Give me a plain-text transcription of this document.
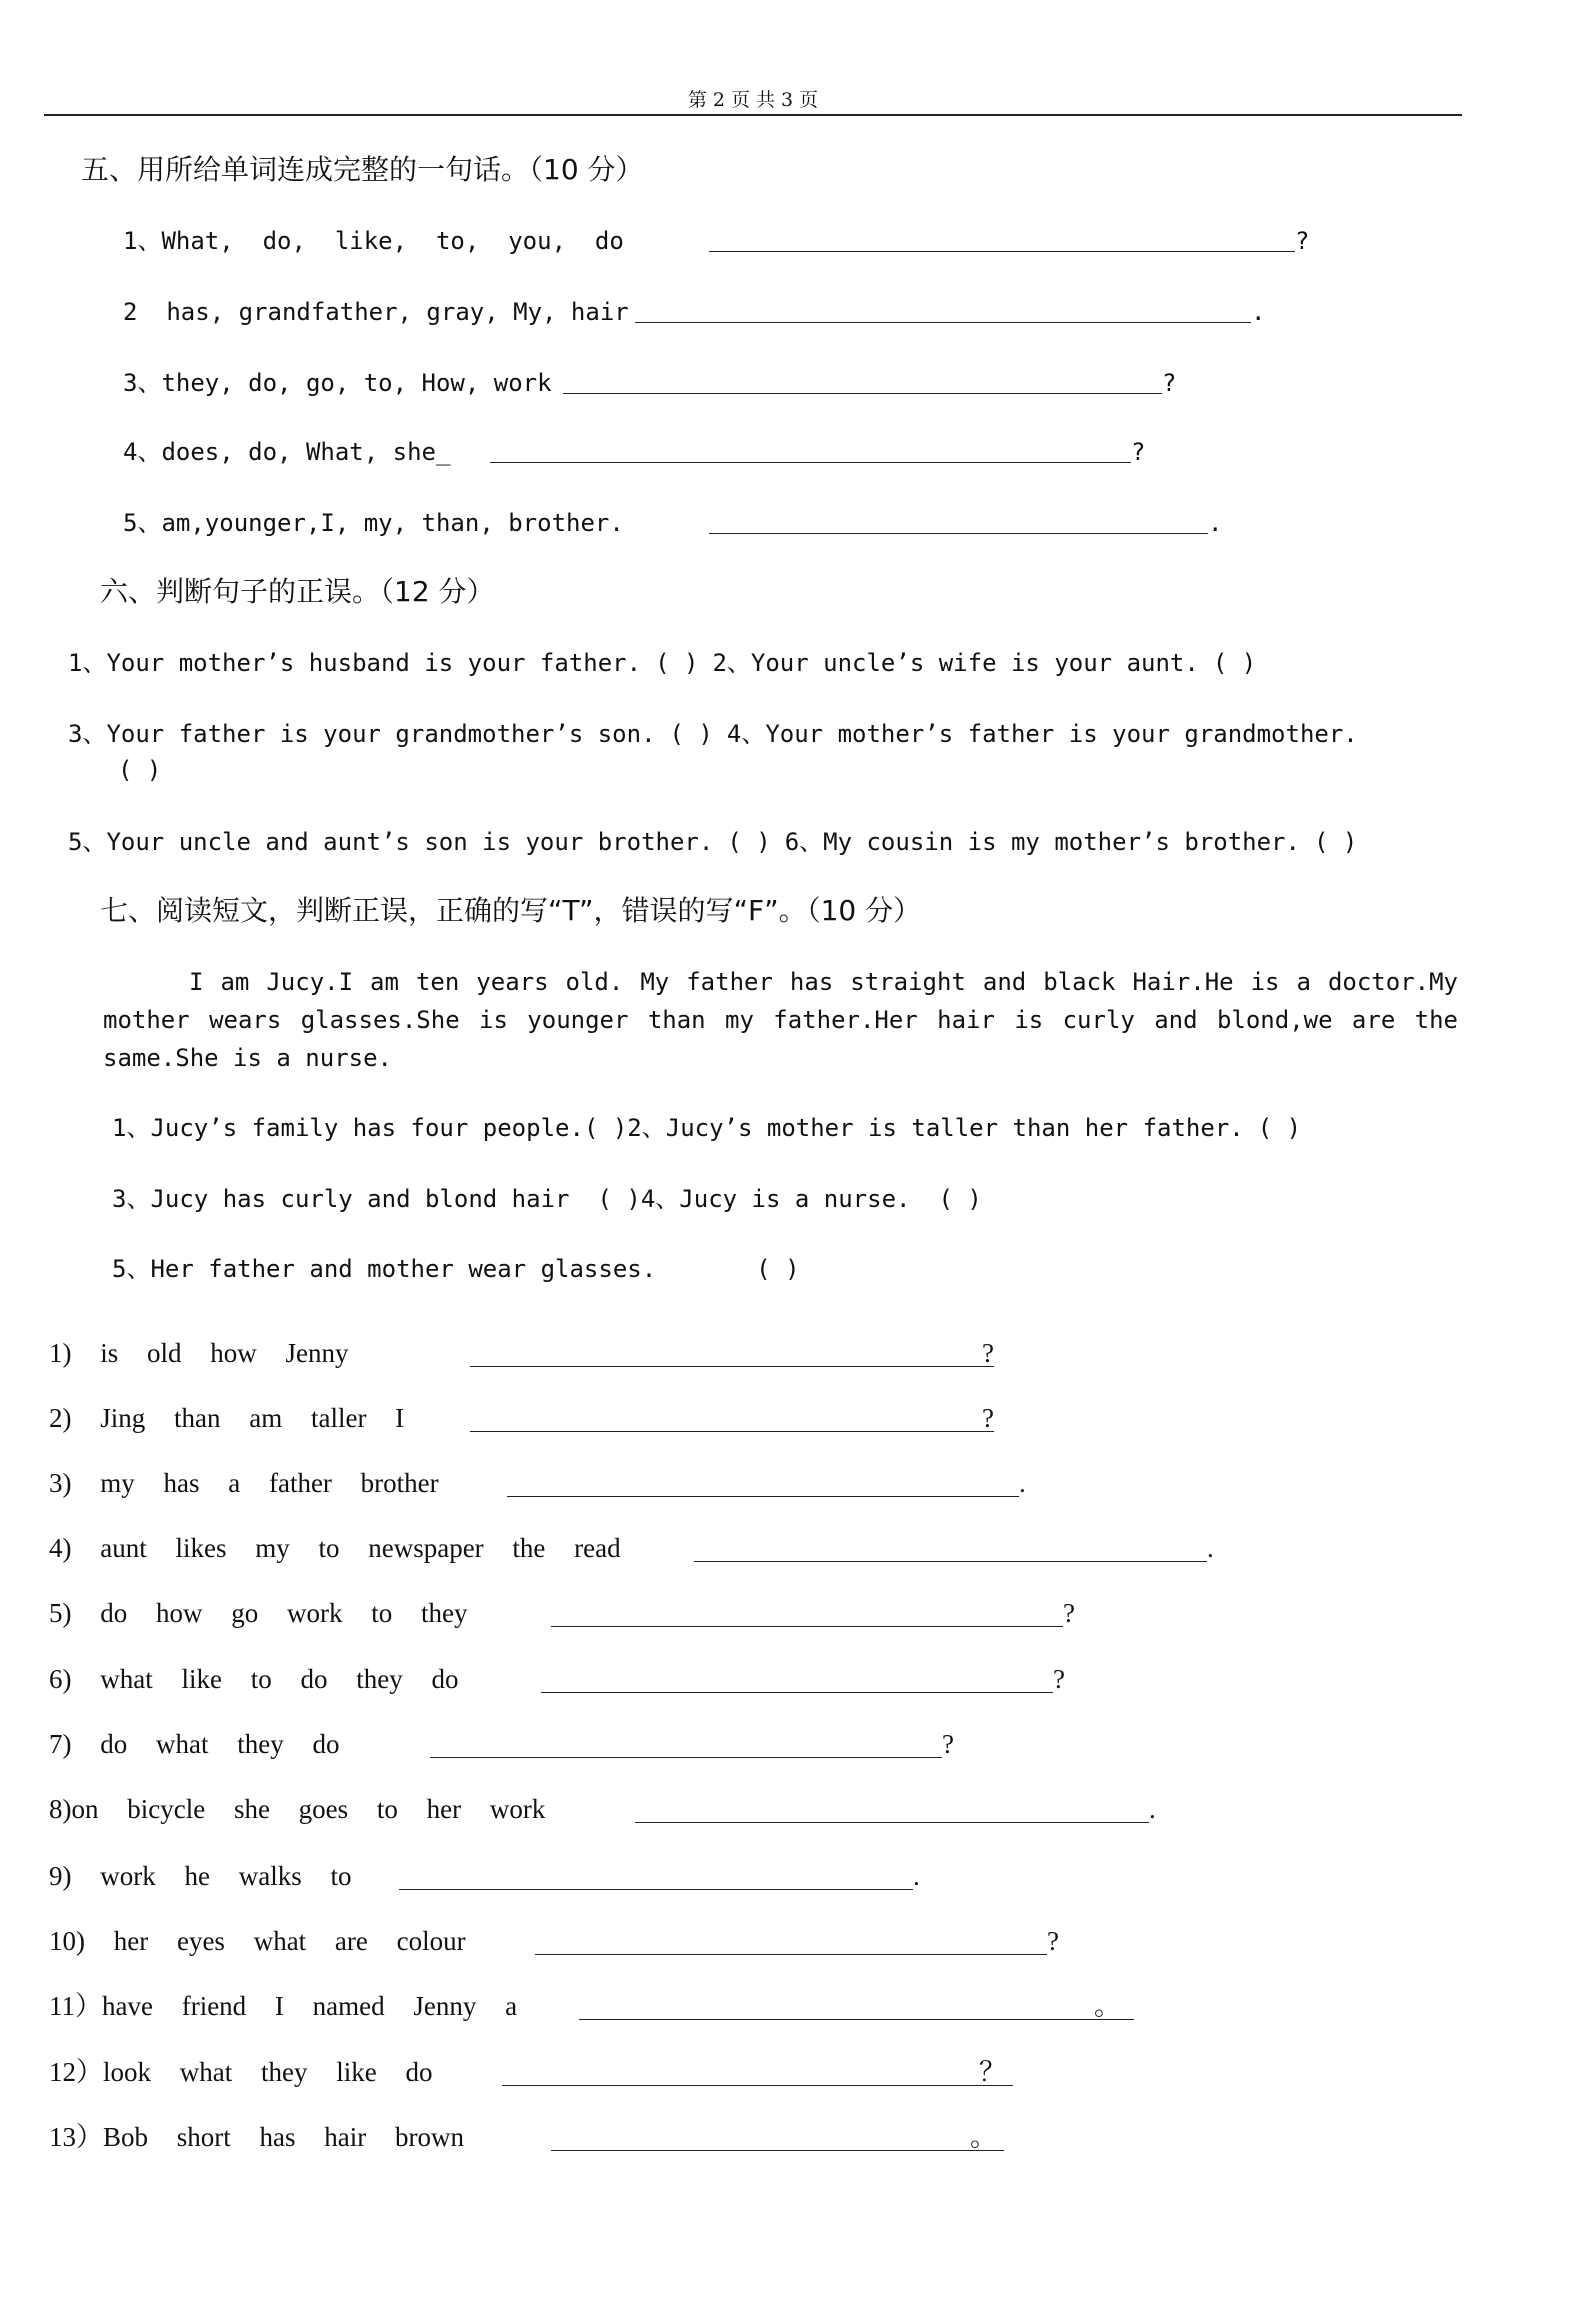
第 2 页 共 3 页
五、用所给单词连成完整的一句话。（10 分）
1、What,  do,  like,  to,  you,  do	?
2  has, grandfather, gray, My, hair	.
3、they, do, go, to, How, work	?
4、does, do, What, she_	?
5、am,younger,I, my, than, brother.	.
六、判断句子的正误。（12 分）
1、Your mother’s husband is your father. ( ) 2、Your uncle’s wife is your aunt. ( )
3、Your father is your grandmother’s son. ( ) 4、Your mother’s father is your grandmother.
( )
5、Your uncle and aunt’s son is your brother. ( ) 6、My cousin is my mother’s brother. ( )
七、阅读短文，判断正误，正确的写“T”，错误的写“F”。（10 分）

I am Jucy.I am ten years old. My father has straight and black Hair.He is a doctor.My mother wears glasses.She is younger than my father.Her hair is curly and blond,we are the same.She is a nurse.

1、Jucy’s family has four people.( )2、Jucy’s mother is taller than her father. ( )
3、Jucy has curly and blond hair ( )4、Jucy is a nurse. ( )
5、Her father and mother wear glasses.	( )
1) is old how Jenny	?
2) Jing than am taller I	?
3) my has a father brother	.
4) aunt likes my to newspaper the read	.
5) do how go work to they	?
6) what like to do they do	?
7) do what they do	?
8)on bicycle she goes to her work	.
9) work he walks to	.
10) her eyes what are colour	?
11）have friend I named Jenny a	。
12）look what they like do	？
13）Bob short has hair brown	。
